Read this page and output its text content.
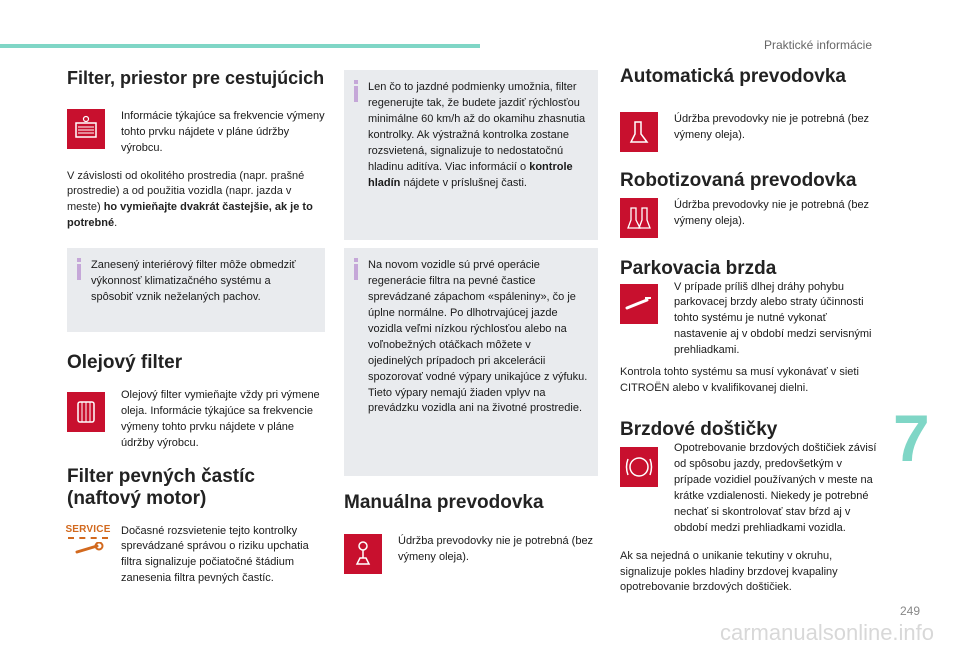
Praktické informácie
Filter, priestor pre cestujúcich
Informácie týkajúce sa frekvencie výmeny tohto prvku nájdete v pláne údržby výrobcu.

V závislosti od okolitého prostredia (napr. prašné prostredie) a od použitia vozidla (napr. jazda v meste) ho vymieňajte dvakrát častejšie, ak je to potrebné.

Zanesený interiérový filter môže obmedziť výkonnosť klimatizačného systému a spôsobiť vznik neželaných pachov.
Olejový filter
Olejový filter vymieňajte vždy pri výmene oleja. Informácie týkajúce sa frekvencie výmeny tohto prvku nájdete v pláne údržby výrobcu.
Filter pevných častíc
(naftový motor)
SERVICE Dočasné rozsvietenie tejto kontrolky sprevádzané správou o riziku upchatia filtra signalizuje počiatočné štádium zanesenia filtra pevných častíc.
Len čo to jazdné podmienky umožnia, filter regenerujte tak, že budete jazdiť rýchlosťou minimálne 60 km/h až do okamihu zhasnutia kontrolky. Ak výstražná kontrolka zostane rozsvietená, signalizuje to nedostatočnú hladinu aditíva. Viac informácií o kontrole hladín nájdete v príslušnej časti.
Na novom vozidle sú prvé operácie regenerácie filtra na pevné častice sprevádzané zápachom «spáleniny», čo je úplne normálne. Po dlhotrvajúcej jazde vozidla veľmi nízkou rýchlosťou alebo na voľnobežných otáčkach môžete v ojedinelých prípadoch pri akcelerácii spozorovať vodné výpary unikajúce z výfuku. Tieto výpary nemajú žiaden vplyv na prevádzku vozidla ani na životné prostredie.
Manuálna prevodovka
Údržba prevodovky nie je potrebná (bez výmeny oleja).
Automatická prevodovka
Údržba prevodovky nie je potrebná (bez výmeny oleja).
Robotizovaná prevodovka
Údržba prevodovky nie je potrebná (bez výmeny oleja).
Parkovacia brzda
V prípade príliš dlhej dráhy pohybu parkovacej brzdy alebo straty účinnosti tohto systému je nutné vykonať nastavenie aj v období medzi servisnými prehliadkami.

Kontrola tohto systému sa musí vykonávať v sieti CITROËN alebo v kvalifikovanej dielni.

Brzdové doštičky
Opotrebovanie brzdových doštičiek závisí od spôsobu jazdy, predovšetkým v prípade vozidiel používaných v meste na krátke vzdialenosti. Niekedy je potrebné nechať si skontrolovať stav bŕzd aj v období medzi prehliadkami vozidla.

Ak sa nejedná o unikanie tekutiny v okruhu, signalizuje pokles hladiny brzdovej kvapaliny opotrebovanie brzdových doštičiek.

7
249
carmanualsonline.info
